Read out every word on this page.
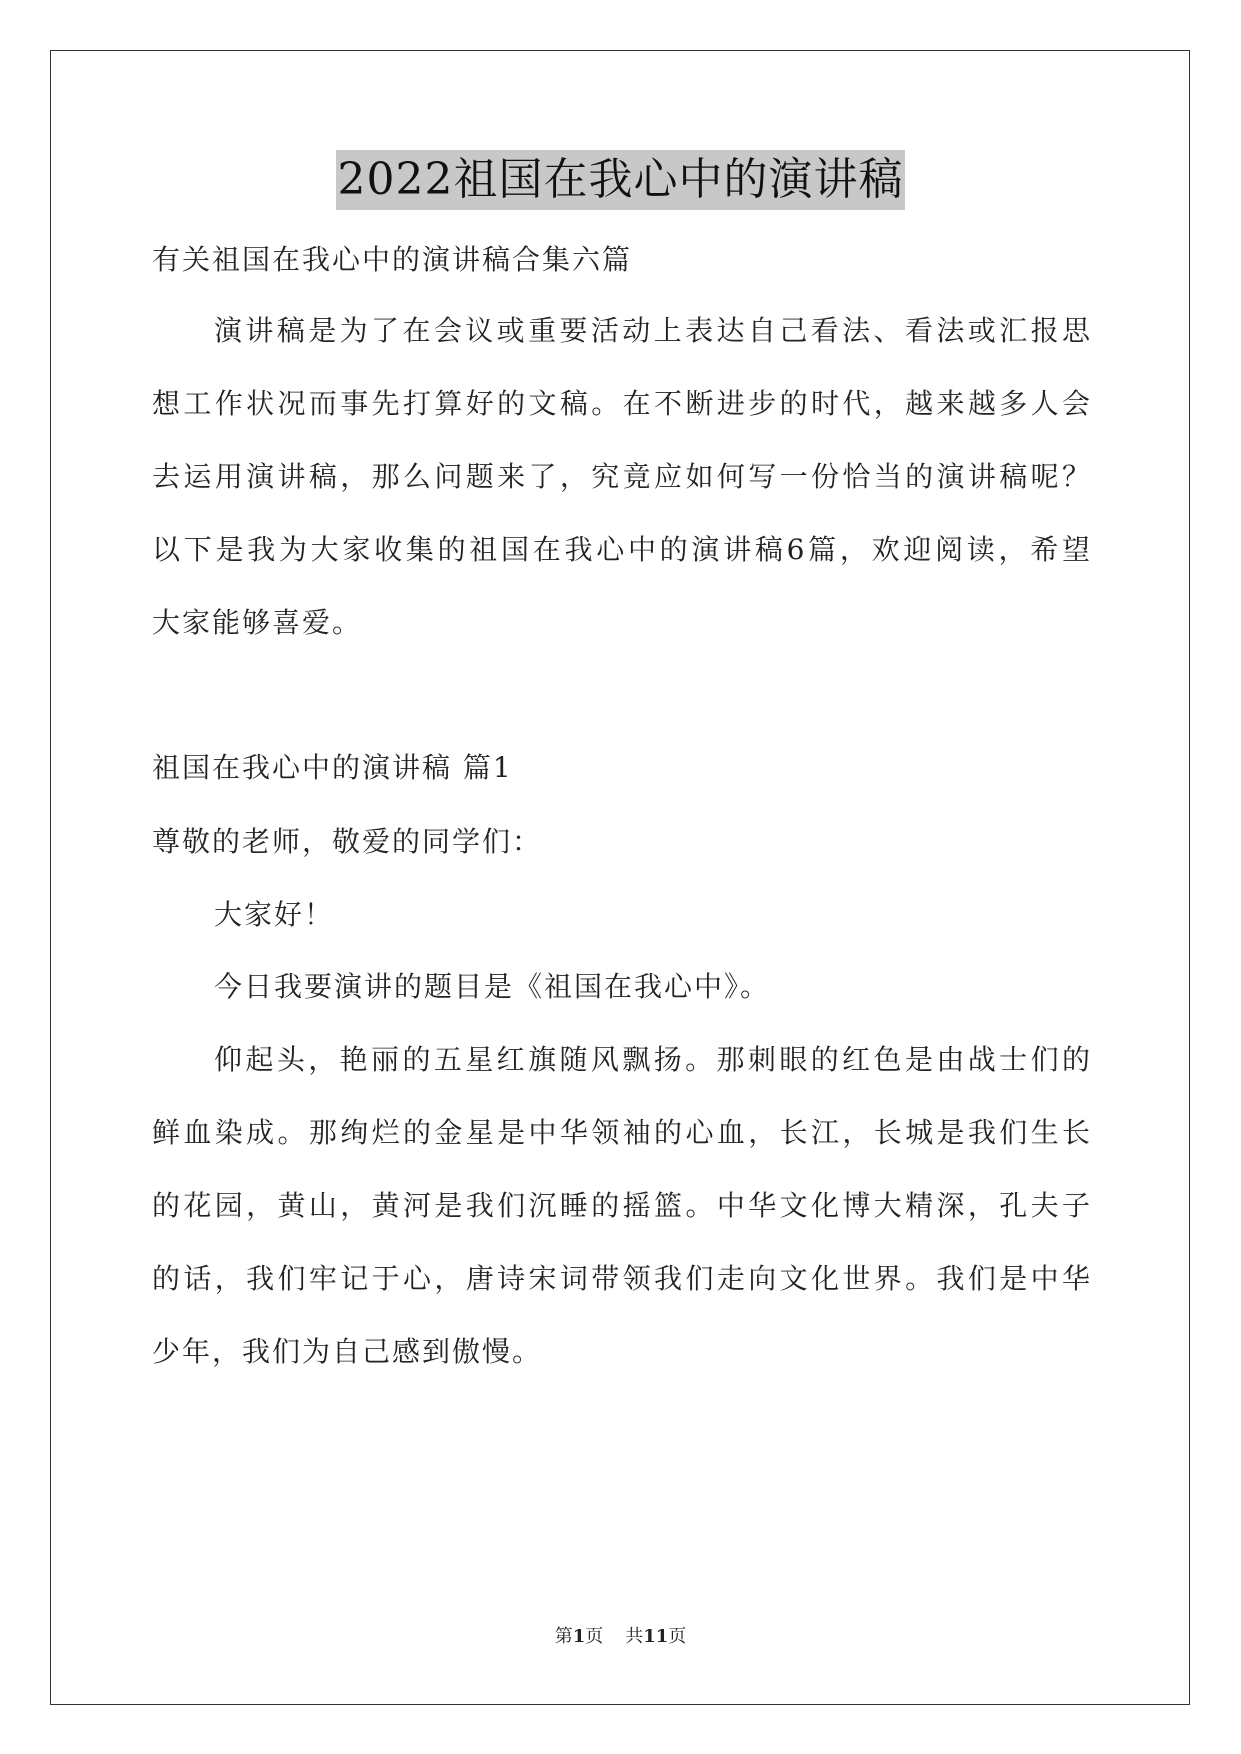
2022祖国在我心中的演讲稿
有关祖国在我心中的演讲稿合集六篇
演讲稿是为了在会议或重要活动上表达自己看法、看法或汇报思
想工作状况而事先打算好的文稿。在不断进步的时代，越来越多人会
去运用演讲稿，那么问题来了，究竟应如何写一份恰当的演讲稿呢？
以下是我为大家收集的祖国在我心中的演讲稿6篇，欢迎阅读，希望
大家能够喜爱。
祖国在我心中的演讲稿 篇1
尊敬的老师，敬爱的同学们：
大家好！
今日我要演讲的题目是《祖国在我心中》。
仰起头，艳丽的五星红旗随风飘扬。那刺眼的红色是由战士们的
鲜血染成。那绚烂的金星是中华领袖的心血，长江，长城是我们生长
的花园，黄山，黄河是我们沉睡的摇篮。中华文化博大精深，孔夫子
的话，我们牢记于心，唐诗宋词带领我们走向文化世界。我们是中华
少年，我们为自己感到傲慢。
第1页 共11页
